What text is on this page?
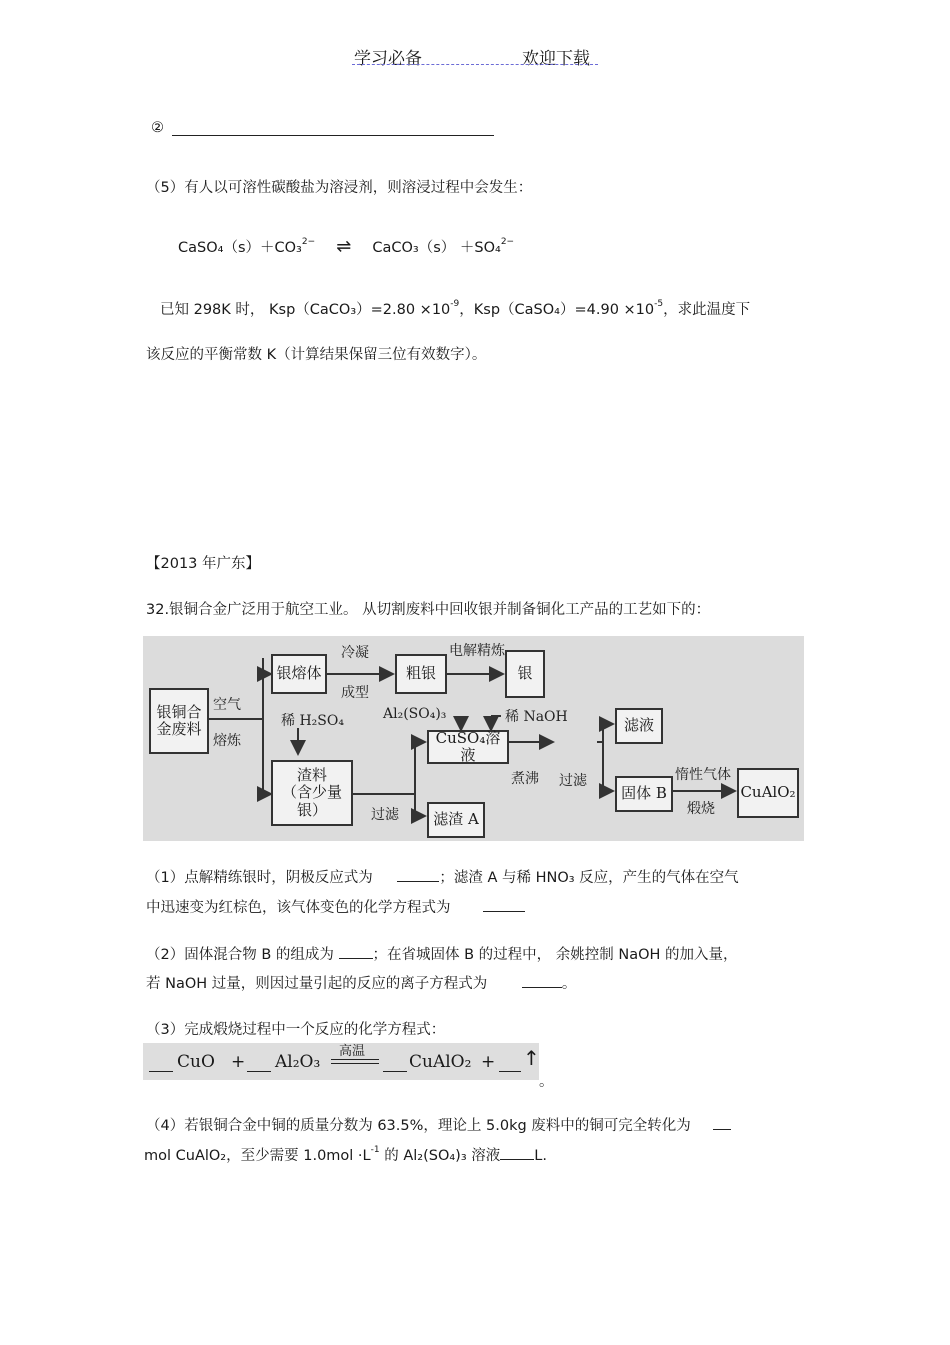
学习必备	欢迎下载
②
（5）有人以可溶性碳酸盐为溶浸剂，则溶浸过程中会发生：
CaSO₄（s）＋CO₃$^{2-}$ ⇌ CaCO₃（s） ＋SO₄$^{2-}$
已知 298K 时， Ksp（CaCO₃）=2.80 $\times 10^{-9}$，Ksp（CaSO₄）=4.90 $\times 10^{-5}$，求此温度下
该反应的平衡常数 K（计算结果保留三位有效数字）。
【2013 年广东】
32.银铜合金广泛用于航空工业。 从切割废料中回收银并制备铜化工产品的工艺如下的：
银铜合
金废料
空气
熔炼
银熔体
冷凝
成型
粗银
电解精炼
银
稀 H₂SO₄
渣料
（含少量银）	过滤
Al₂(SO₄)₃	稀 NaOH
CuSO₄溶液
滤渣 A
煮沸 过滤
滤液
固体 B
惰性气体
煅烧
CuAlO₂
（1）点解精练银时，阴极反应式为	；滤渣 A 与稀 HNO₃ 反应，产生的气体在空气
中迅速变为红棕色，该气体变色的化学方程式为
（2）固体混合物 B 的组成为	；在省城固体 B 的过程中， 余姚控制 NaOH 的加入量，
若 NaOH 过量，则因过量引起的反应的离子方程式为	。
（3）完成煅烧过程中一个反应的化学方程式：
CuO + Al₂O₃
高温
CuAlO₂ + ↑
。
（4）若银铜合金中铜的质量分数为 63.5%，理论上 5.0kg 废料中的铜可完全转化为
mol CuAlO₂，至少需要 $1.0mol \cdot L^{-1}$ 的 Al₂(SO₄)₃ 溶液 L.
